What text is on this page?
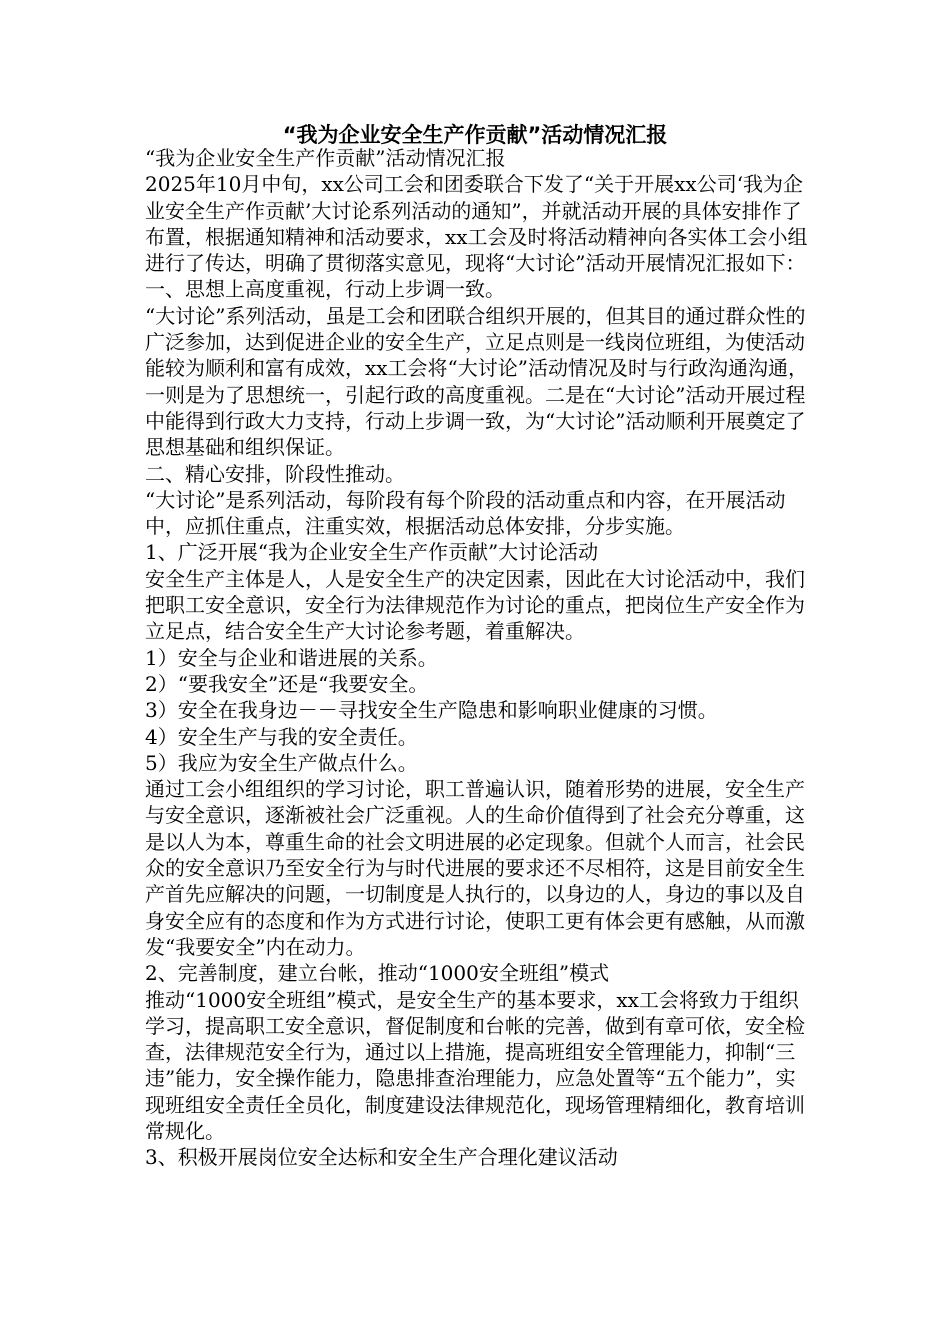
“我为企业安全生产作贡献”活动情况汇报

“我为企业安全生产作贡献”活动情况汇报

2025年10月中旬，xx公司工会和团委联合下发了“关于开展xx公司‘我为企业安全生产作贡献’大讨论系列活动的通知”，并就活动开展的具体安排作了布置，根据通知精神和活动要求，xx工会及时将活动精神向各实体工会小组进行了传达，明确了贯彻落实意见，现将“大讨论”活动开展情况汇报如下：

一、思想上高度重视，行动上步调一致。

“大讨论”系列活动，虽是工会和团联合组织开展的，但其目的通过群众性的广泛参加，达到促进企业的安全生产，立足点则是一线岗位班组，为使活动能较为顺利和富有成效，xx工会将“大讨论”活动情况及时与行政沟通沟通，一则是为了思想统一，引起行政的高度重视。二是在“大讨论”活动开展过程中能得到行政大力支持，行动上步调一致，为“大讨论”活动顺利开展奠定了思想基础和组织保证。

二、精心安排，阶段性推动。

“大讨论”是系列活动，每阶段有每个阶段的活动重点和内容，在开展活动中，应抓住重点，注重实效，根据活动总体安排，分步实施。

1、广泛开展“我为企业安全生产作贡献”大讨论活动

安全生产主体是人，人是安全生产的决定因素，因此在大讨论活动中，我们把职工安全意识，安全行为法律规范作为讨论的重点，把岗位生产安全作为立足点，结合安全生产大讨论参考题，着重解决。

1）安全与企业和谐进展的关系。

2）“要我安全”还是“我要安全。

3）安全在我身边－－寻找安全生产隐患和影响职业健康的习惯。

4）安全生产与我的安全责任。

5）我应为安全生产做点什么。

通过工会小组组织的学习讨论，职工普遍认识，随着形势的进展，安全生产与安全意识，逐渐被社会广泛重视。人的生命价值得到了社会充分尊重，这是以人为本，尊重生命的社会文明进展的必定现象。但就个人而言，社会民众的安全意识乃至安全行为与时代进展的要求还不尽相符，这是目前安全生产首先应解决的问题，一切制度是人执行的，以身边的人，身边的事以及自身安全应有的态度和作为方式进行讨论，使职工更有体会更有感触，从而激发“我要安全”内在动力。

2、完善制度，建立台帐，推动“1000安全班组”模式

推动“1000安全班组”模式，是安全生产的基本要求，xx工会将致力于组织学习，提高职工安全意识，督促制度和台帐的完善，做到有章可依，安全检查，法律规范安全行为，通过以上措施，提高班组安全管理能力，抑制“三违”能力，安全操作能力，隐患排查治理能力，应急处置等“五个能力”，实现班组安全责任全员化，制度建设法律规范化，现场管理精细化，教育培训常规化。

3、积极开展岗位安全达标和安全生产合理化建议活动
